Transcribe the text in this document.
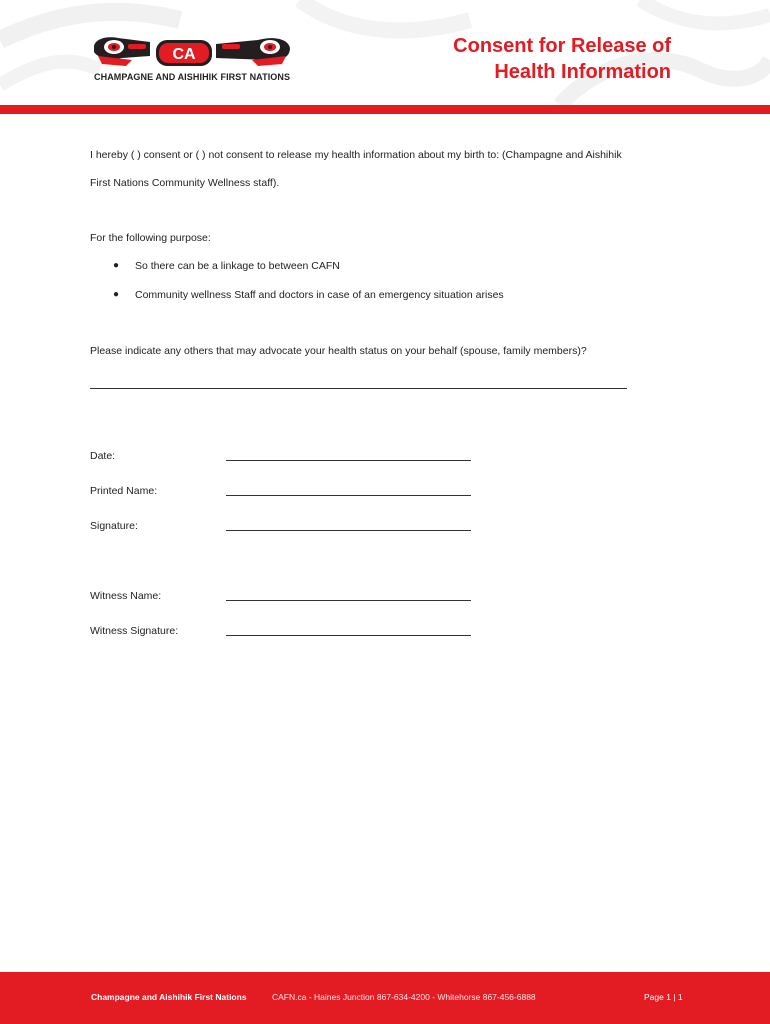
CA
CHAMPAGNE AND AISHIHIK FIRST NATIONS
Consent for Release of
Health Information
I hereby ( ) consent or ( ) not consent to release my health information about my birth to: (Champagne and Aishihik
First Nations Community Wellness staff).
For the following purpose:
● So there can be a linkage to between CAFN
● Community wellness Staff and doctors in case of an emergency situation arises
Please indicate any others that may advocate your health status on your behalf (spouse, family members)?
Date:
Printed Name:
Signature:
Witness Name:
Witness Signature:
Champagne and Aishihik First Nations	CAFN.ca - Haines Junction 867-634-4200 - Whitehorse 867-456-6888	Page 1 | 1
